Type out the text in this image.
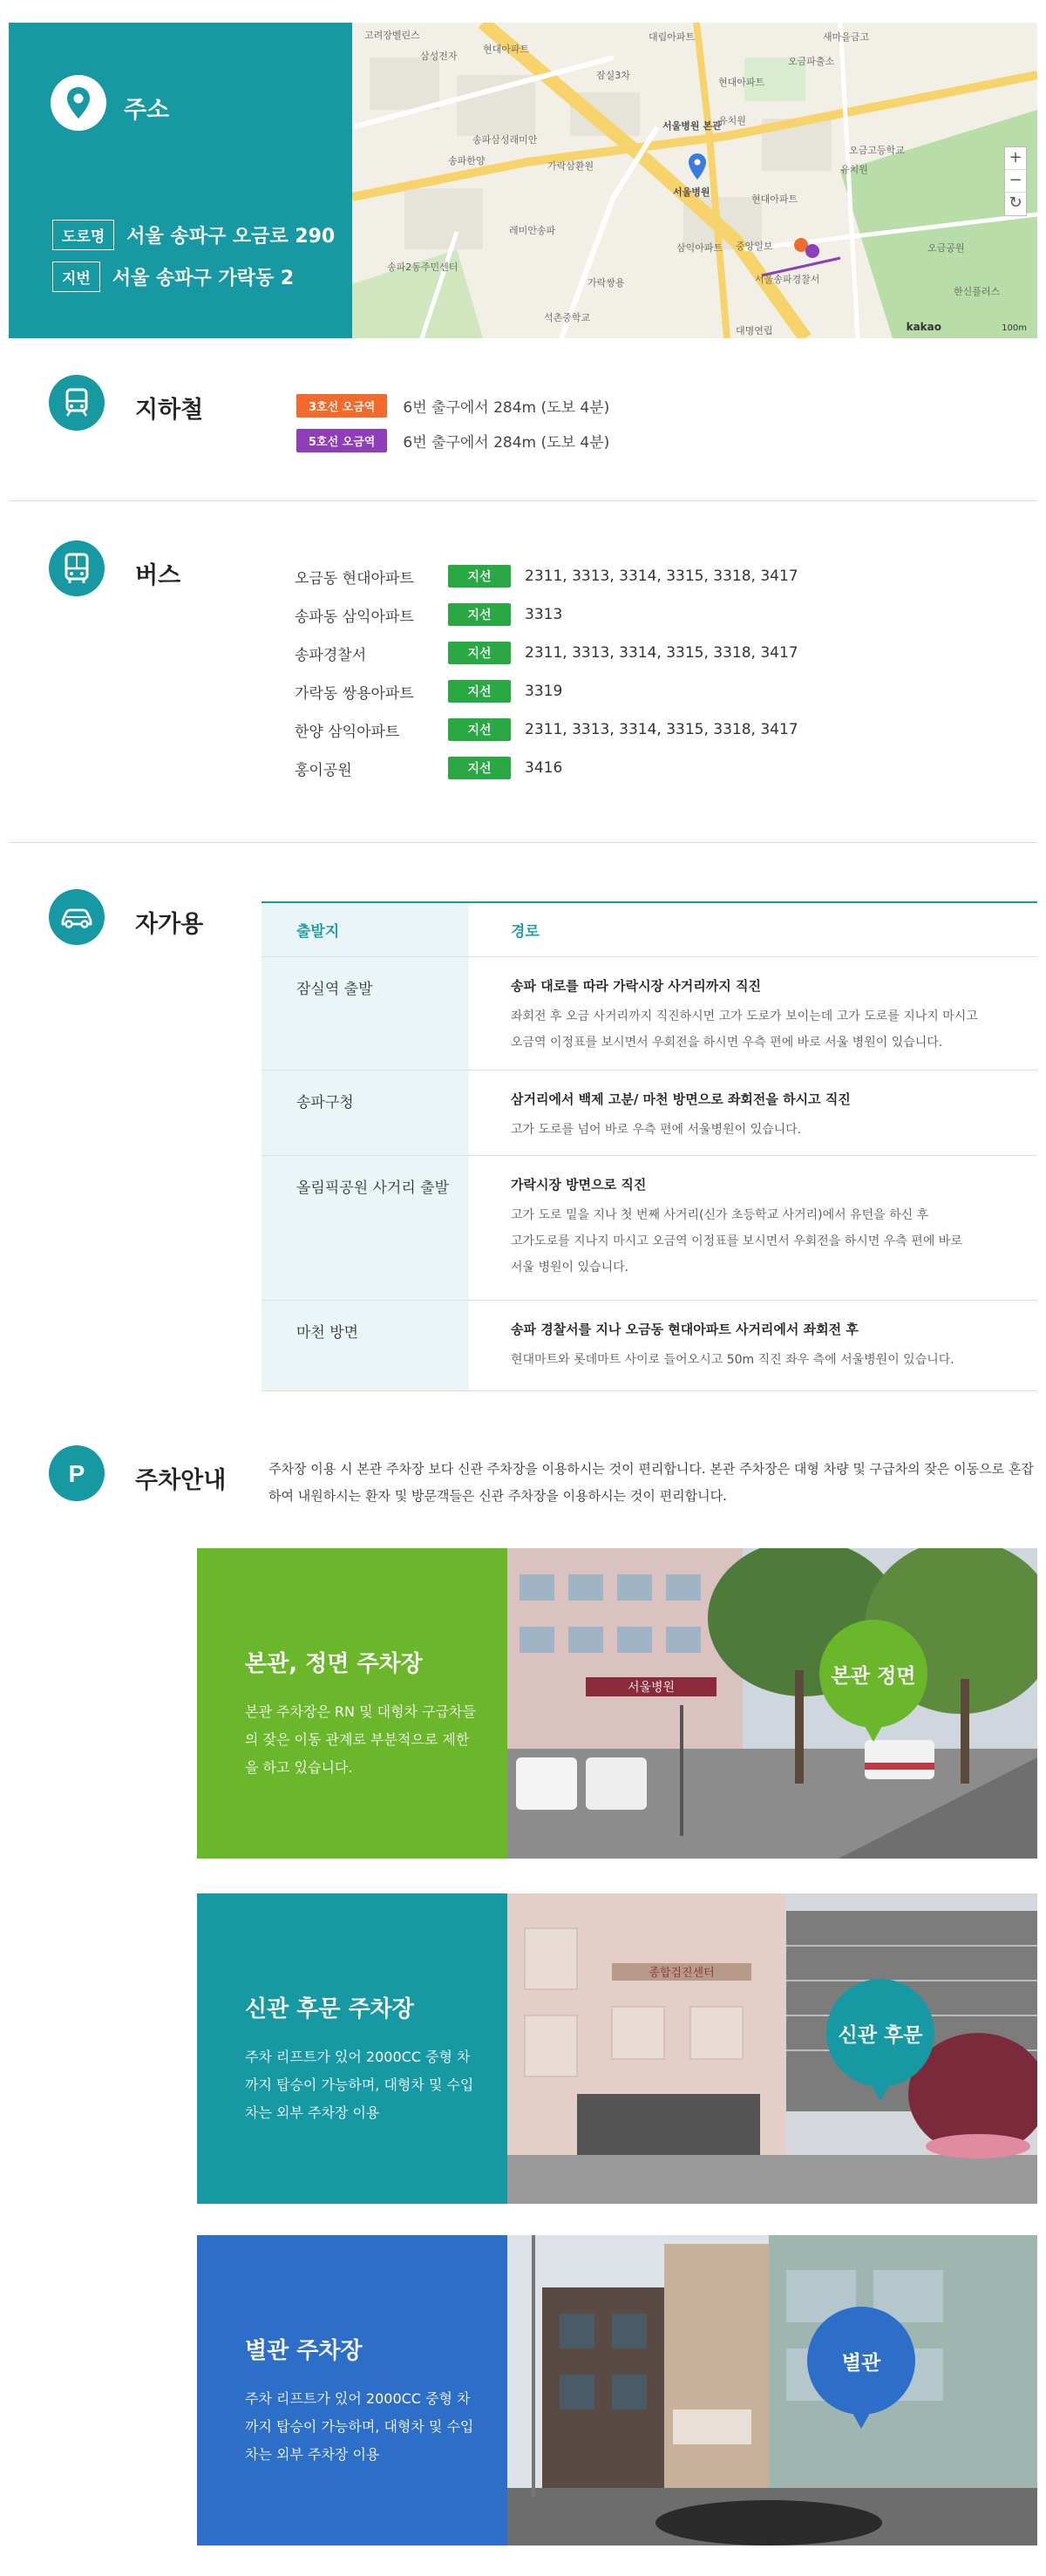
주소
도로명	서울 송파구 오금로 290
지번	서울 송파구 가락동 2
고려장벨린스
삼성전자
현대아파트
대림아파트	새마을금고
오금파출소
잠실3차
현대아파트
유치원
서울병원 본관
서울병원
송파삼성래미안
가락삼환원
현대아파트
중앙일보
서울송파경찰서
송파2동주민센터
삼익아파트
석촌중학교
오금고등학교
오금공원
한신플러스
유치원
가락쌍용
송파한양
레미안송파
대명연립
+
−
↻
kakao	100m
지하철	3호선 오금역	6번 출구에서 284m (도보 4분)
5호선 오금역	6번 출구에서 284m (도보 4분)
버스	오금동 현대아파트	지선	2311, 3313, 3314, 3315, 3318, 3417
송파동 삼익아파트	지선	3313
송파경찰서	지선	2311, 3313, 3314, 3315, 3318, 3417
가락동 쌍용아파트	지선	3319
한양 삼익아파트	지선	2311, 3313, 3314, 3315, 3318, 3417
홍이공원	지선	3416
자가용	출발지	경로
잠실역 출발	송파 대로를 따라 가락시장 사거리까지 직진
좌회전 후 오금 사거리까지 직진하시면 고가 도로가 보이는데 고가 도로를 지나지 마시고
오금역 이정표를 보시면서 우회전을 하시면 우측 편에 바로 서울 병원이 있습니다.
송파구청	삼거리에서 백제 고분/ 마천 방면으로 좌회전을 하시고 직진
고가 도로를 넘어 바로 우측 편에 서울병원이 있습니다.
올림픽공원 사거리 출발	가락시장 방면으로 직진
고가 도로 밑을 지나 첫 번째 사거리(신가 초등학교 사거리)에서 유턴을 하신 후
고가도로를 지나지 마시고 오금역 이정표를 보시면서 우회전을 하시면 우측 편에 바로
서울 병원이 있습니다.
마천 방면	송파 경찰서를 지나 오금동 현대아파트 사거리에서 좌회전 후
현대마트와 롯데마트 사이로 들어오시고 50m 직진 좌우 측에 서울병원이 있습니다.
P 주차안내	주차장 이용 시 본관 주차장 보다 신관 주차장을 이용하시는 것이 편리합니다. 본관 주차장은 대형 차량 및 구급차의 잦은 이동으로 혼잡하여 내원하시는 환자 및 방문객들은 신관 주차장을 이용하시는 것이 편리합니다.
본관, 정면 주차장
본관 주차장은 RN 및 대형차 구급차들의 잦은 이동 관계로 부분적으로 제한을 하고 있습니다.
서울병원	본관 정면
신관 후문 주차장
주차 리프트가 있어 2000CC 중형 차까지 탑승이 가능하며, 대형차 및 수입차는 외부 주차장 이용
종합검진센터
신관 후문
별관 주차장
주차 리프트가 있어 2000CC 중형 차까지 탑승이 가능하며, 대형차 및 수입차는 외부 주차장 이용
별관
